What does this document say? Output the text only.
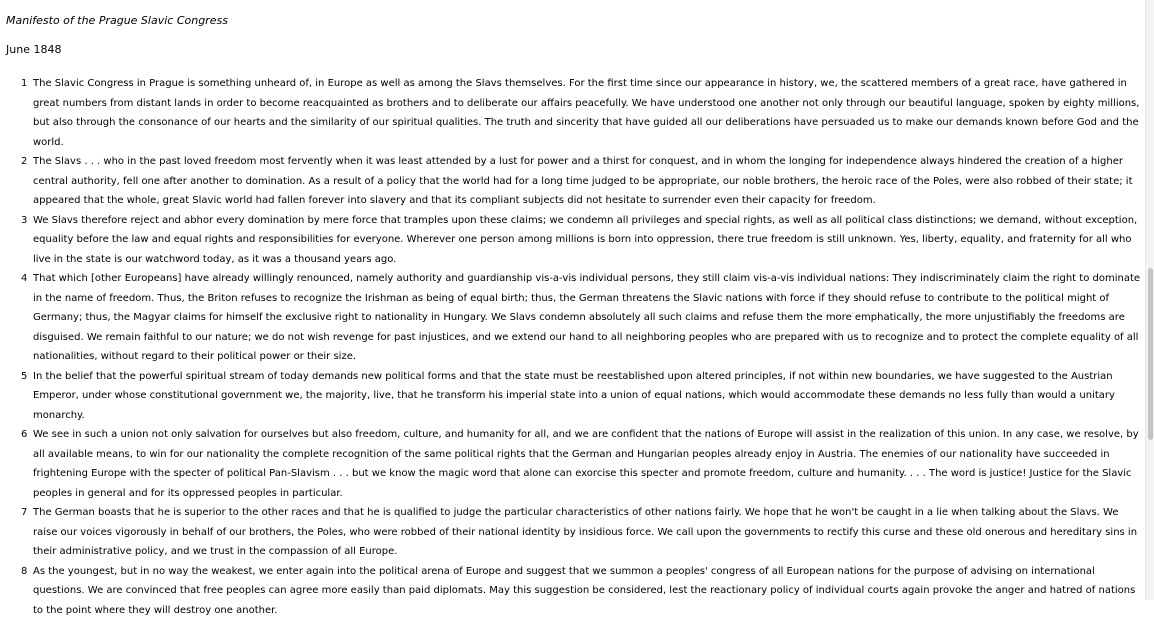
Manifesto of the Prague Slavic Congress
June 1848
1 The Slavic Congress in Prague is something unheard of, in Europe as well as among the Slavs themselves. For the first time since our appearance in history, we, the scattered members of a great race, have gathered in great numbers from distant lands in order to become reacquainted as brothers and to deliberate our affairs peacefully. We have understood one another not only through our beautiful language, spoken by eighty millions, but also through the consonance of our hearts and the similarity of our spiritual qualities. The truth and sincerity that have guided all our deliberations have persuaded us to make our demands known before God and the world.
2 The Slavs . . . who in the past loved freedom most fervently when it was least attended by a lust for power and a thirst for conquest, and in whom the longing for independence always hindered the creation of a higher central authority, fell one after another to domination. As a result of a policy that the world had for a long time judged to be appropriate, our noble brothers, the heroic race of the Poles, were also robbed of their state; it appeared that the whole, great Slavic world had fallen forever into slavery and that its compliant subjects did not hesitate to surrender even their capacity for freedom.
3 We Slavs therefore reject and abhor every domination by mere force that tramples upon these claims; we condemn all privileges and special rights, as well as all political class distinctions; we demand, without exception, equality before the law and equal rights and responsibilities for everyone. Wherever one person among millions is born into oppression, there true freedom is still unknown. Yes, liberty, equality, and fraternity for all who live in the state is our watchword today, as it was a thousand years ago.
4 That which [other Europeans] have already willingly renounced, namely authority and guardianship vis-a-vis individual persons, they still claim vis-a-vis individual nations: They indiscriminately claim the right to dominate in the name of freedom. Thus, the Briton refuses to recognize the Irishman as being of equal birth; thus, the German threatens the Slavic nations with force if they should refuse to contribute to the political might of Germany; thus, the Magyar claims for himself the exclusive right to nationality in Hungary. We Slavs condemn absolutely all such claims and refuse them the more emphatically, the more unjustifiably the freedoms are disguised. We remain faithful to our nature; we do not wish revenge for past injustices, and we extend our hand to all neighboring peoples who are prepared with us to recognize and to protect the complete equality of all nationalities, without regard to their political power or their size.
5 In the belief that the powerful spiritual stream of today demands new political forms and that the state must be reestablished upon altered principles, if not within new boundaries, we have suggested to the Austrian Emperor, under whose constitutional government we, the majority, live, that he transform his imperial state into a union of equal nations, which would accommodate these demands no less fully than would a unitary monarchy.
6 We see in such a union not only salvation for ourselves but also freedom, culture, and humanity for all, and we are confident that the nations of Europe will assist in the realization of this union. In any case, we resolve, by all available means, to win for our nationality the complete recognition of the same political rights that the German and Hungarian peoples already enjoy in Austria. The enemies of our nationality have succeeded in frightening Europe with the specter of political Pan-Slavism . . . but we know the magic word that alone can exorcise this specter and promote freedom, culture and humanity. . . . The word is justice! Justice for the Slavic peoples in general and for its oppressed peoples in particular.
7 The German boasts that he is superior to the other races and that he is qualified to judge the particular characteristics of other nations fairly. We hope that he won't be caught in a lie when talking about the Slavs. We raise our voices vigorously in behalf of our brothers, the Poles, who were robbed of their national identity by insidious force. We call upon the governments to rectify this curse and these old onerous and hereditary sins in their administrative policy, and we trust in the compassion of all Europe.
8 As the youngest, but in no way the weakest, we enter again into the political arena of Europe and suggest that we summon a peoples' congress of all European nations for the purpose of advising on international questions. We are convinced that free peoples can agree more easily than paid diplomats. May this suggestion be considered, lest the reactionary policy of individual courts again provoke the anger and hatred of nations to the point where they will destroy one another.
